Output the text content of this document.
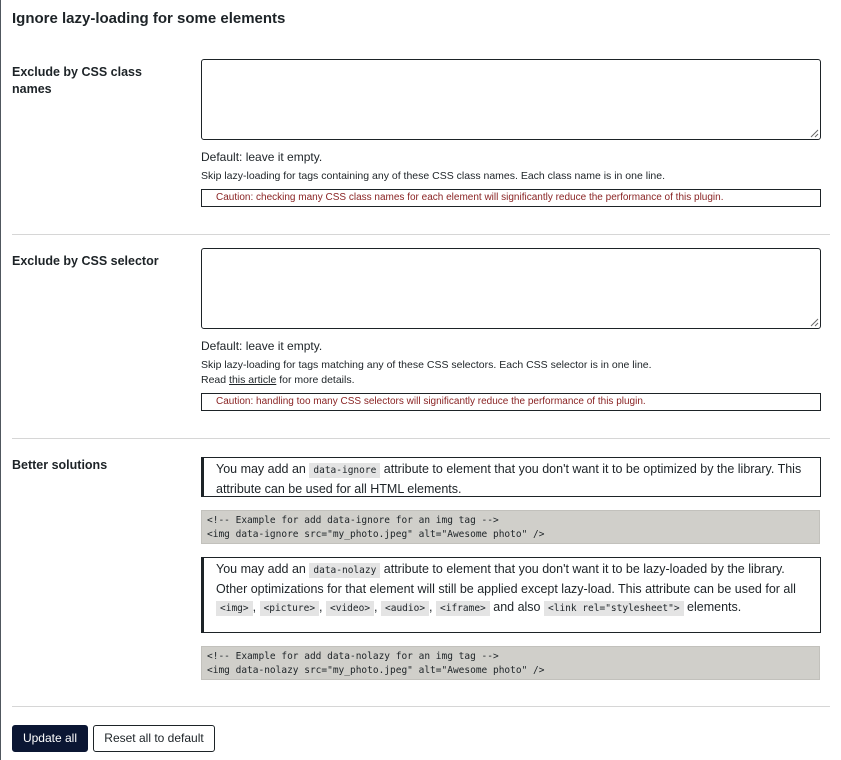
Ignore lazy-loading for some elements
Exclude by CSS class names
Default: leave it empty.
Skip lazy-loading for tags containing any of these CSS class names. Each class name is in one line.
Caution: checking many CSS class names for each element will significantly reduce the performance of this plugin.
Exclude by CSS selector
Default: leave it empty.
Skip lazy-loading for tags matching any of these CSS selectors. Each CSS selector is in one line.
Read this article for more details.
Caution: handling too many CSS selectors will significantly reduce the performance of this plugin.
Better solutions	You may add an data-ignore attribute to element that you don't want it to be optimized by the library. This attribute can be used for all HTML elements.
<!-- Example for add data-ignore for an img tag -->
<img data-ignore src="my_photo.jpeg" alt="Awesome photo" />
You may add an data-nolazy attribute to element that you don't want it to be lazy-loaded by the library. Other optimizations for that element will still be applied except lazy-load. This attribute can be used for all <img> , <picture> , <video> , <audio> , <iframe> and also <link rel="stylesheet"> elements.
<!-- Example for add data-nolazy for an img tag -->
<img data-nolazy src="my_photo.jpeg" alt="Awesome photo" />
Update all	Reset all to default
